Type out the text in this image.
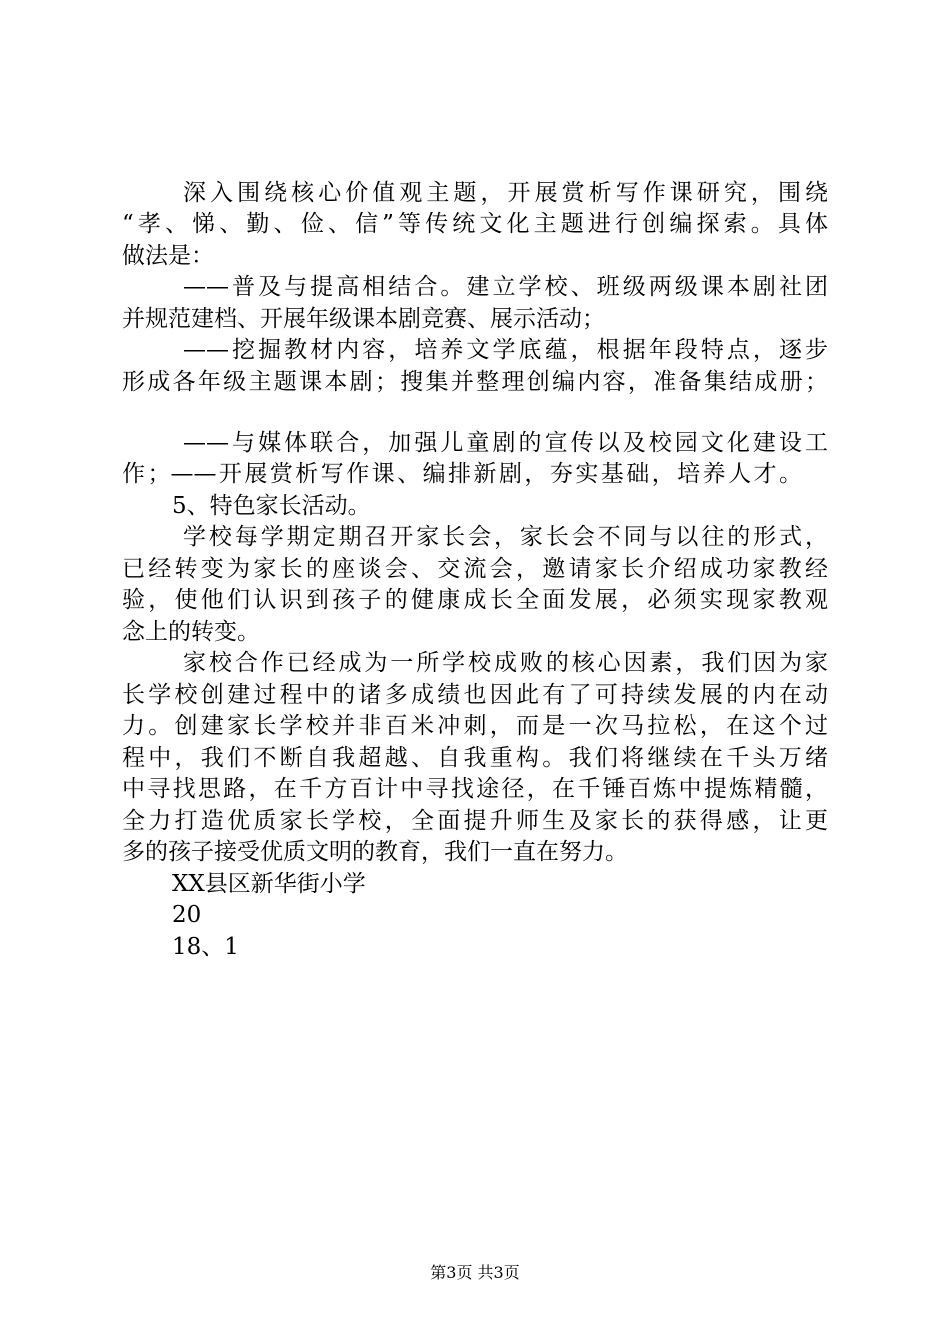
深入围绕核心价值观主题，开展赏析写作课研究，围绕
“孝、悌、勤、俭、信”等传统文化主题进行创编探索。具体
做法是：
——普及与提高相结合。建立学校、班级两级课本剧社团
并规范建档、开展年级课本剧竞赛、展示活动；
——挖掘教材内容，培养文学底蕴，根据年段特点，逐步
形成各年级主题课本剧；搜集并整理创编内容，准备集结成册；
——与媒体联合，加强儿童剧的宣传以及校园文化建设工
作；——开展赏析写作课、编排新剧，夯实基础，培养人才。
5、特色家长活动。
学校每学期定期召开家长会，家长会不同与以往的形式，
已经转变为家长的座谈会、交流会，邀请家长介绍成功家教经
验，使他们认识到孩子的健康成长全面发展，必须实现家教观
念上的转变。
家校合作已经成为一所学校成败的核心因素，我们因为家
长学校创建过程中的诸多成绩也因此有了可持续发展的内在动
力。创建家长学校并非百米冲刺，而是一次马拉松，在这个过
程中，我们不断自我超越、自我重构。我们将继续在千头万绪
中寻找思路，在千方百计中寻找途径，在千锤百炼中提炼精髓，
全力打造优质家长学校，全面提升师生及家长的获得感，让更
多的孩子接受优质文明的教育，我们一直在努力。
XX县区新华街小学
20
18、1
第3页 共3页
